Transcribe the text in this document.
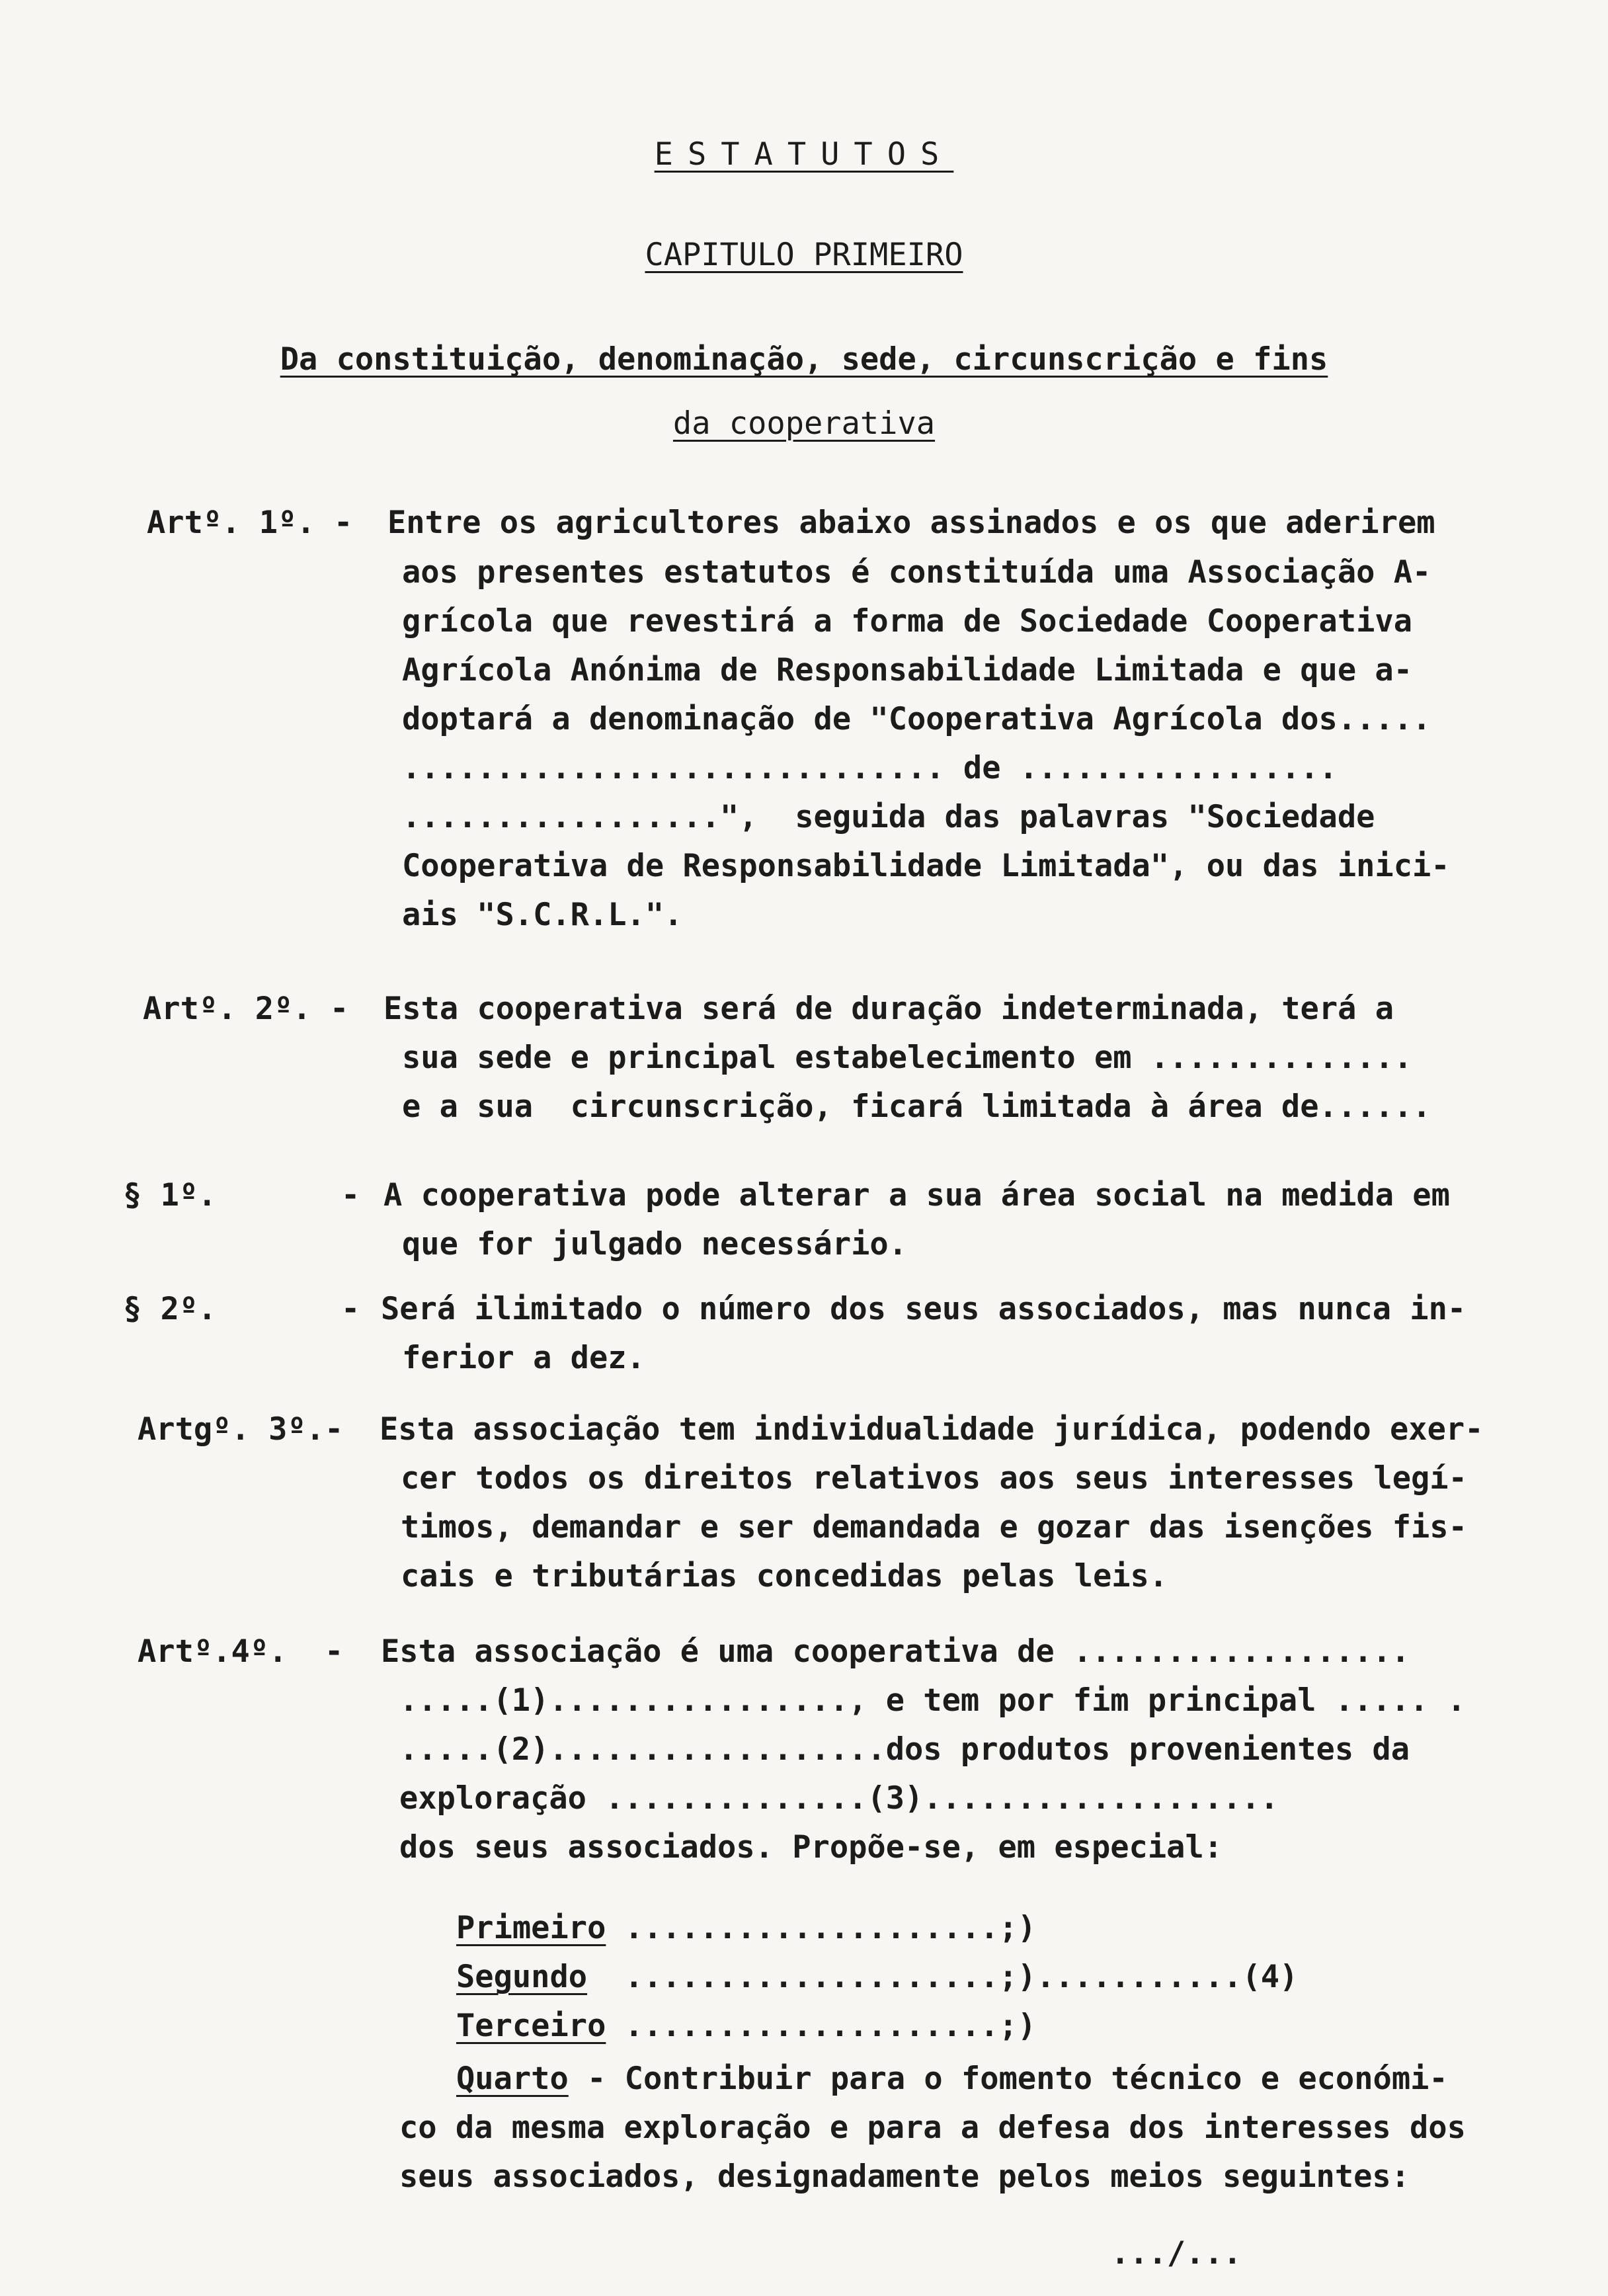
ESTATUTOS
CAPITULO PRIMEIRO
Da constituição, denominação, sede, circunscrição e fins
da cooperativa
Artº. 1º. - Entre os agricultores abaixo assinados e os que aderirem
aos presentes estatutos é constituída uma Associação A-
grícola que revestirá a forma de Sociedade Cooperativa
Agrícola Anónima de Responsabilidade Limitada e que a-
doptará a denominação de "Cooperativa Agrícola dos.....
............................. de .................
.................",  seguida das palavras "Sociedade
Cooperativa de Responsabilidade Limitada", ou das inici-
ais "S.C.R.L.".
Artº. 2º. - Esta cooperativa será de duração indeterminada, terá a
sua sede e principal estabelecimento em ..............
e a sua  circunscrição, ficará limitada à área de......
§ 1º.	- A cooperativa pode alterar a sua área social na medida em
que for julgado necessário.
§ 2º.	- Será ilimitado o número dos seus associados, mas nunca in-
ferior a dez.
Artgº. 3º.- Esta associação tem individualidade jurídica, podendo exer-
cer todos os direitos relativos aos seus interesses legí-
timos, demandar e ser demandada e gozar das isenções fis-
cais e tributárias concedidas pelas leis.
Artº.4º.  - Esta associação é uma cooperativa de ..................
.....(1)................, e tem por fim principal ..... .
.....(2)..................dos produtos provenientes da
exploração ..............(3)...................
dos seus associados. Propõe-se, em especial:
Primeiro ....................;)
Segundo  ....................;)...........(4)
Terceiro ....................;)
Quarto - Contribuir para o fomento técnico e económi-
co da mesma exploração e para a defesa dos interesses dos
seus associados, designadamente pelos meios seguintes:
.../...
